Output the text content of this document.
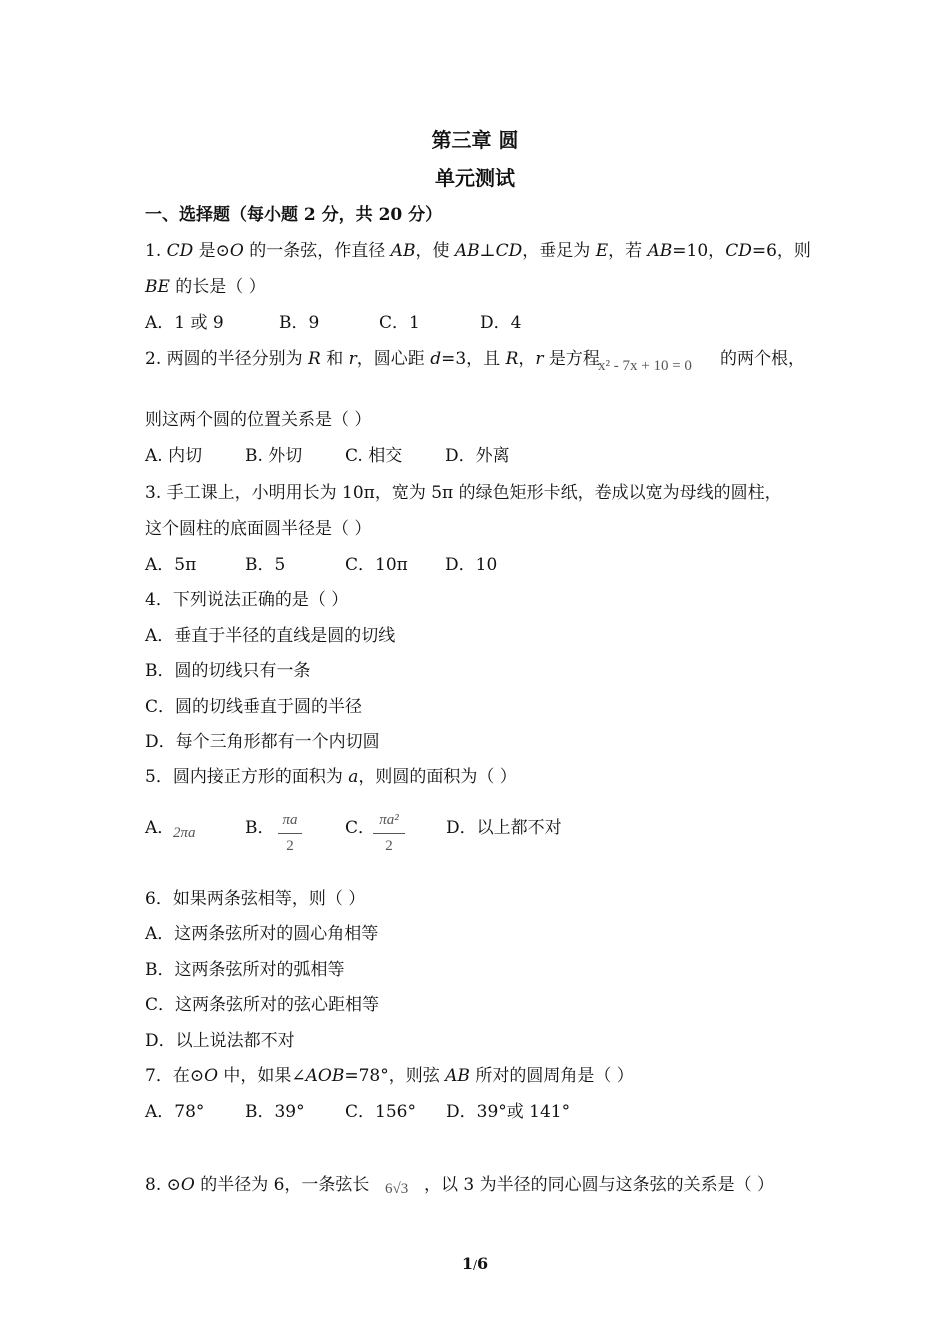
第三章 圆
单元测试
一、选择题（每小题 2 分，共 20 分）
1. CD 是⊙O 的一条弦，作直径 AB，使 AB⊥CD，垂足为 E，若 AB=10，CD=6，则
BE 的长是（ ）
A．1 或 9	B．9	C．1	D．4
2. 两圆的半径分别为 R 和 r，圆心距 d=3，且 R，r 是方程
x² - 7x + 10 = 0 的两个根，
则这两个圆的位置关系是（ ）
A. 内切	B. 外切	C. 相交	D．外离
3. 手工课上，小明用长为 10π，宽为 5π 的绿色矩形卡纸，卷成以宽为母线的圆柱，
这个圆柱的底面圆半径是（ ）
A．5π	B．5	C．10π D．10
4．下列说法正确的是（ ）
A．垂直于半径的直线是圆的切线
B．圆的切线只有一条
C．圆的切线垂直于圆的半径
D．每个三角形都有一个内切圆
5．圆内接正方形的面积为 a，则圆的面积为（ ）
A．
2πa	B． πa
2
C． πa²
2
D．以上都不对
6．如果两条弦相等，则（ ）
A．这两条弦所对的圆心角相等
B．这两条弦所对的弧相等
C．这两条弦所对的弦心距相等
D．以上说法都不对
7．在⊙O 中，如果∠AOB=78°，则弦 AB 所对的圆周角是（ ）
A．78° B．39° C．156° D．39°或 141°
8. ⊙O 的半径为 6，一条弦长 6√3 ，以 3 为半径的同心圆与这条弦的关系是（ ）
1/6
